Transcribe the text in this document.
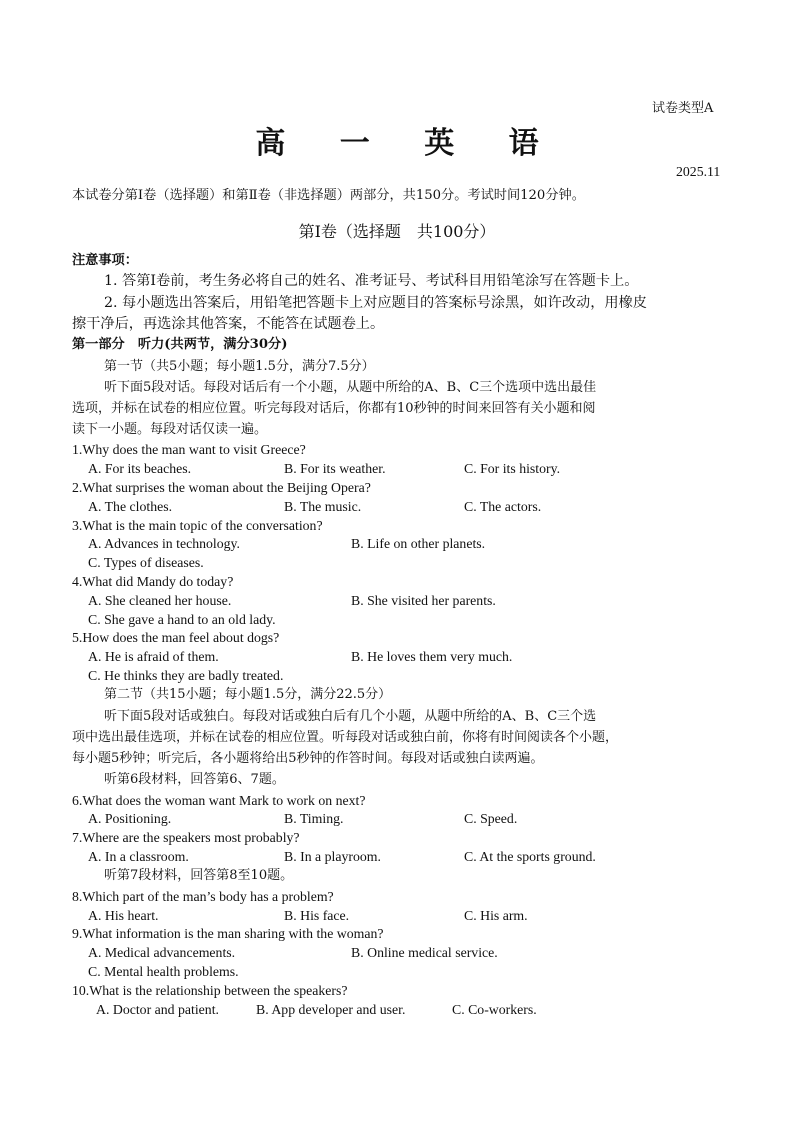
试卷类型A
高 一 英 语
2025.11
本试卷分第Ⅰ卷（选择题）和第Ⅱ卷（非选择题）两部分，共150分。考试时间120分钟。
第Ⅰ卷（选择题　共100分）
注意事项：
1. 答第Ⅰ卷前，考生务必将自己的姓名、准考证号、考试科目用铅笔涂写在答题卡上。
2. 每小题选出答案后，用铅笔把答题卡上对应题目的答案标号涂黑，如许改动，用橡皮
擦干净后，再选涂其他答案，不能答在试题卷上。
第一部分　听力(共两节，满分30分)
第一节（共5小题；每小题1.5分，满分7.5分）
听下面5段对话。每段对话后有一个小题，从题中所给的A、B、C三个选项中选出最佳
选项，并标在试卷的相应位置。听完每段对话后，你都有10秒钟的时间来回答有关小题和阅
读下一小题。每段对话仅读一遍。
1.Why does the man want to visit Greece?
A. For its beaches.	B. For its weather.	C. For its history.
2.What surprises the woman about the Beijing Opera?
A. The clothes.	B. The music.	C. The actors.
3.What is the main topic of the conversation?
A. Advances in technology.	B. Life on other planets.
C. Types of diseases.
4.What did Mandy do today?
A. She cleaned her house.	B. She visited her parents.
C. She gave a hand to an old lady.
5.How does the man feel about dogs?
A. He is afraid of them.	B. He loves them very much.
C. He thinks they are badly treated.
第二节（共15小题；每小题1.5分，满分22.5分）
听下面5段对话或独白。每段对话或独白后有几个小题，从题中所给的A、B、C三个选
项中选出最佳选项，并标在试卷的相应位置。听每段对话或独白前，你将有时间阅读各个小题，
每小题5秒钟；听完后，各小题将给出5秒钟的作答时间。每段对话或独白读两遍。
听第6段材料，回答第6、7题。
6.What does the woman want Mark to work on next?
A. Positioning.	B. Timing.	C. Speed.
7.Where are the speakers most probably?
A. In a classroom.	B. In a playroom.	C. At the sports ground.
听第7段材料，回答第8至10题。
8.Which part of the man’s body has a problem?
A. His heart.	B. His face.	C. His arm.
9.What information is the man sharing with the woman?
A. Medical advancements.	B. Online medical service.
C. Mental health problems.
10.What is the relationship between the speakers?
A. Doctor and patient.	B. App developer and user.	C. Co-workers.
